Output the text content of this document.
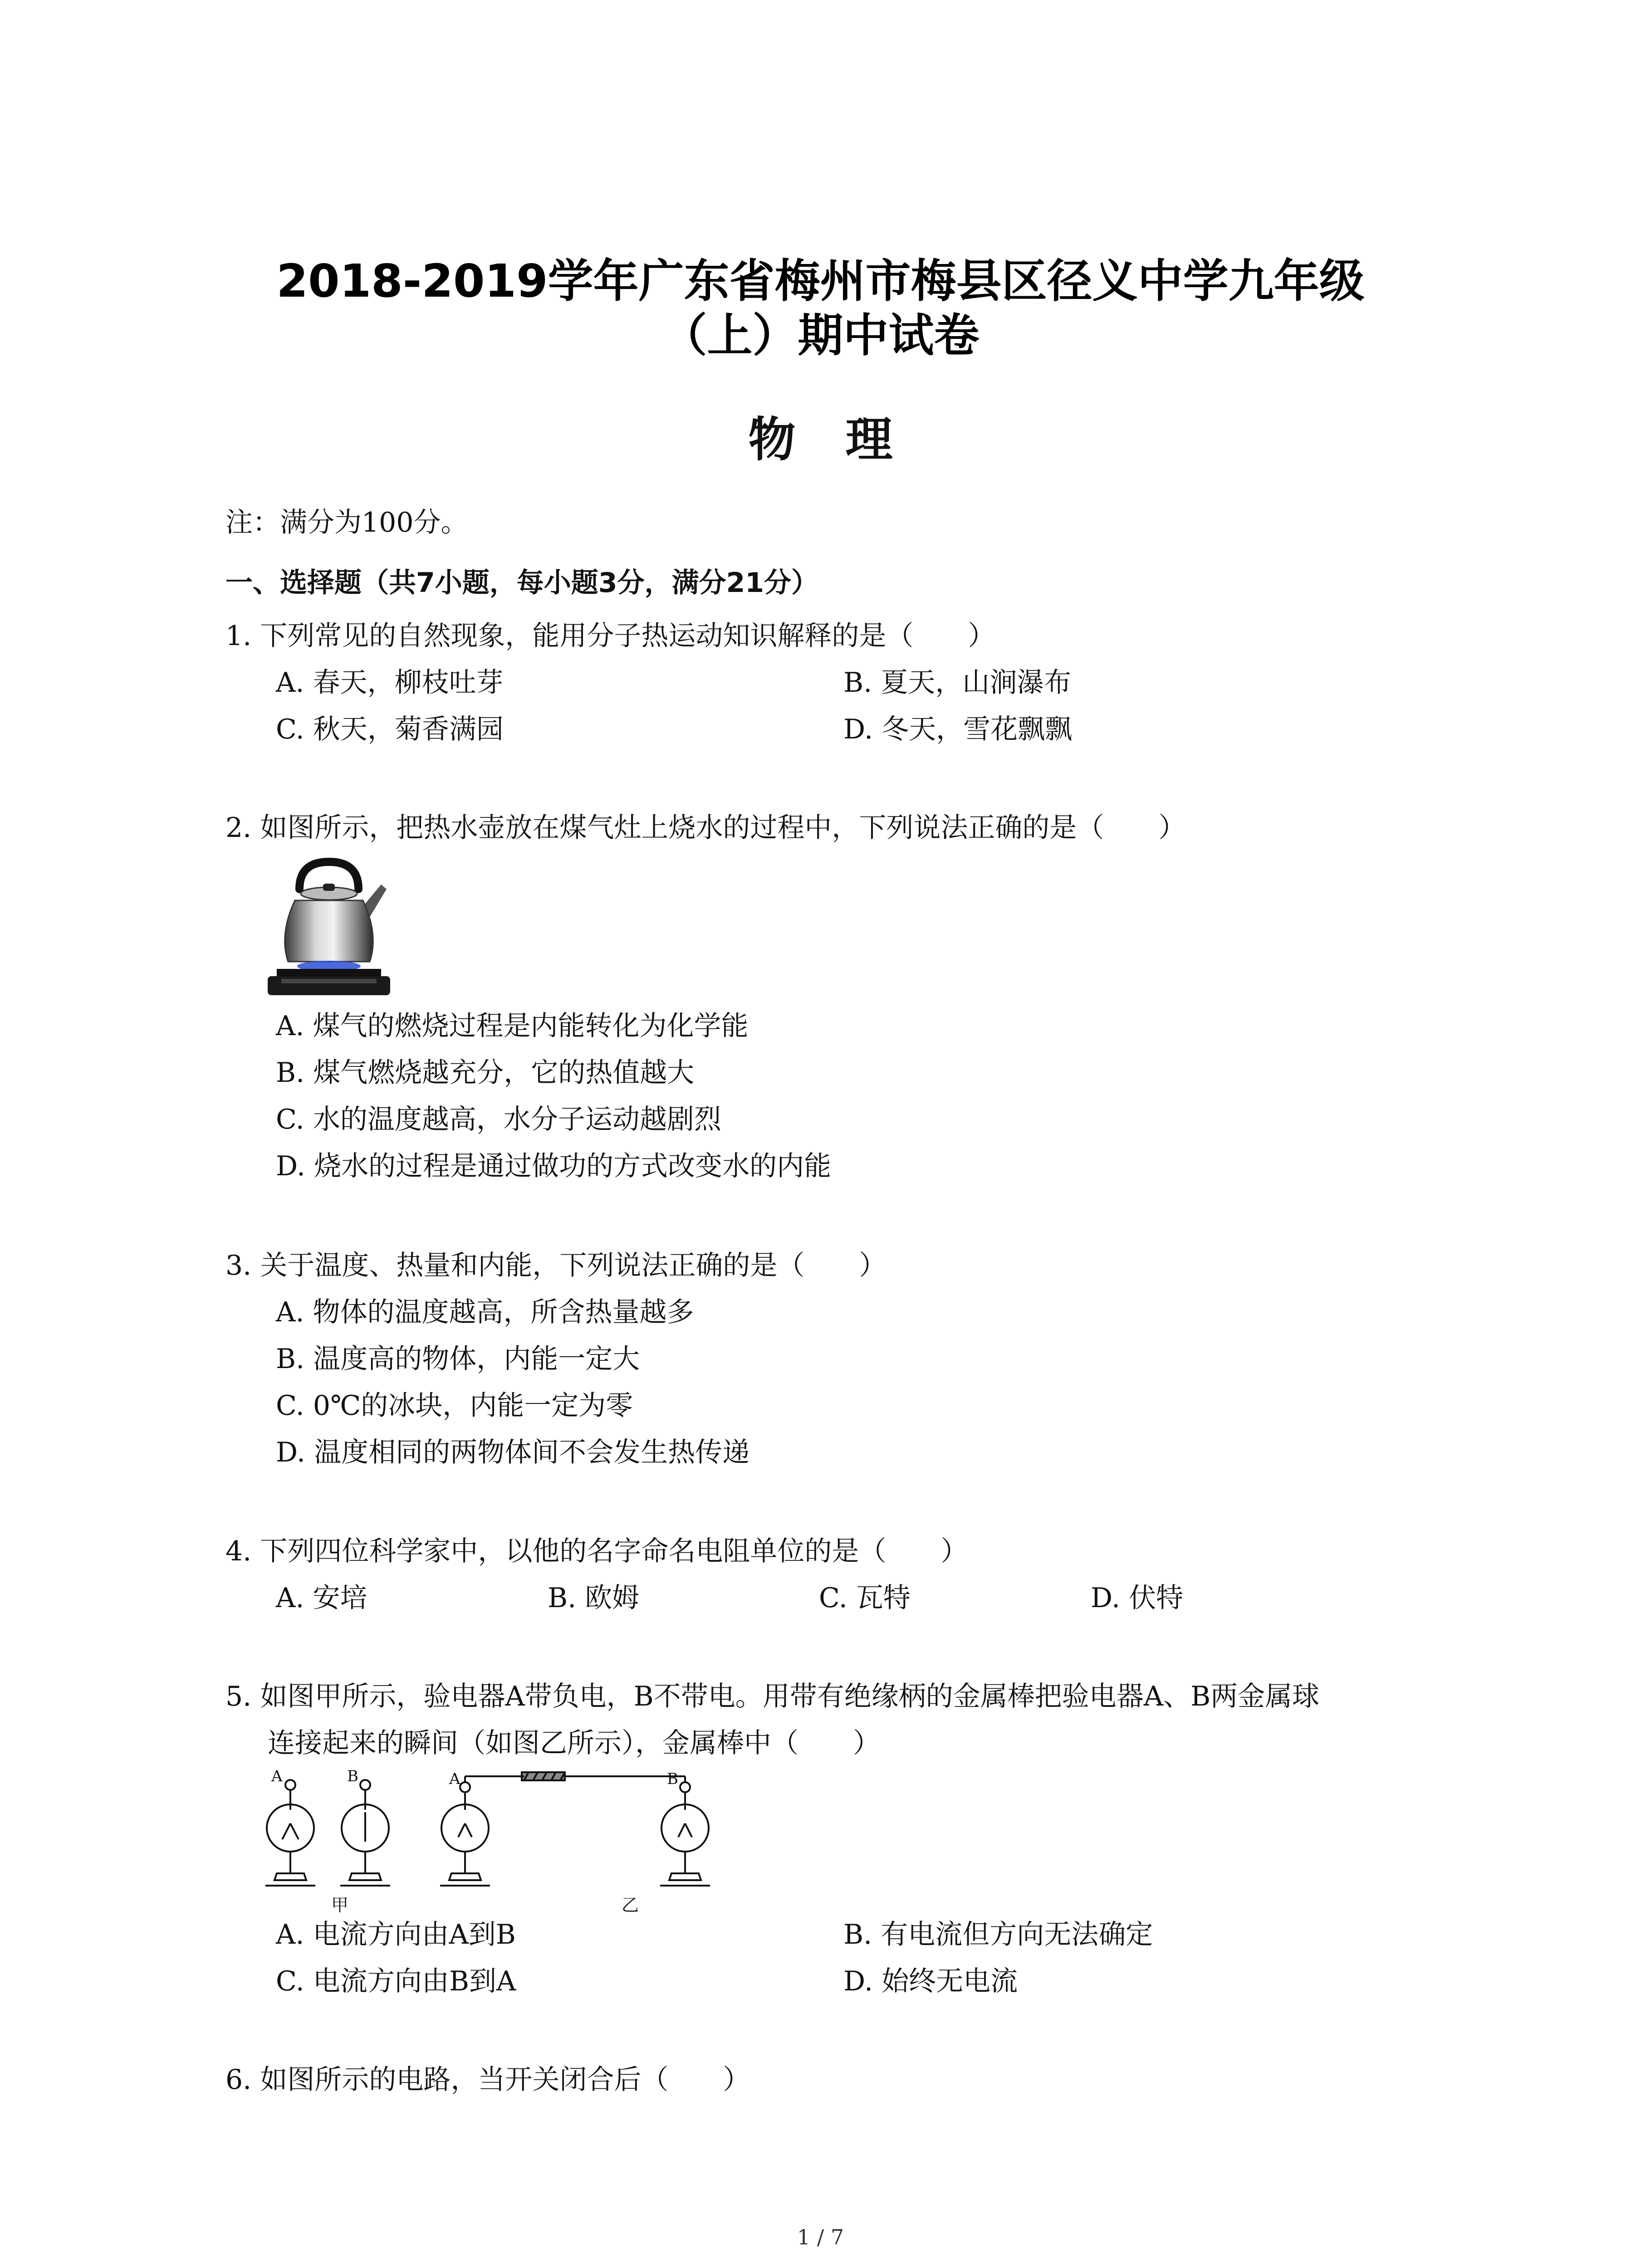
2018-2019学年广东省梅州市梅县区径义中学九年级
（上）期中试卷
物理
注：满分为100分。
一、选择题（共7小题，每小题3分，满分21分）
1. 下列常见的自然现象，能用分子热运动知识解释的是（　　）
A. 春天，柳枝吐芽	B. 夏天，山涧瀑布
C. 秋天，菊香满园	D. 冬天，雪花飘飘
2. 如图所示，把热水壶放在煤气灶上烧水的过程中，下列说法正确的是（　　）
A. 煤气的燃烧过程是内能转化为化学能
B. 煤气燃烧越充分，它的热值越大
C. 水的温度越高，水分子运动越剧烈
D. 烧水的过程是通过做功的方式改变水的内能
3. 关于温度、热量和内能，下列说法正确的是（　　）
A. 物体的温度越高，所含热量越多
B. 温度高的物体，内能一定大
C. 0℃的冰块，内能一定为零
D. 温度相同的两物体间不会发生热传递
4. 下列四位科学家中，以他的名字命名电阻单位的是（　　）
A. 安培	B. 欧姆	C. 瓦特	D. 伏特
5. 如图甲所示，验电器A带负电，B不带电。用带有绝缘柄的金属棒把验电器A、B两金属球
连接起来的瞬间（如图乙所示），金属棒中（　　）
A	B	A	B
甲	乙
A. 电流方向由A到B	B. 有电流但方向无法确定
C. 电流方向由B到A	D. 始终无电流
6. 如图所示的电路，当开关闭合后（　　）
1 / 7
